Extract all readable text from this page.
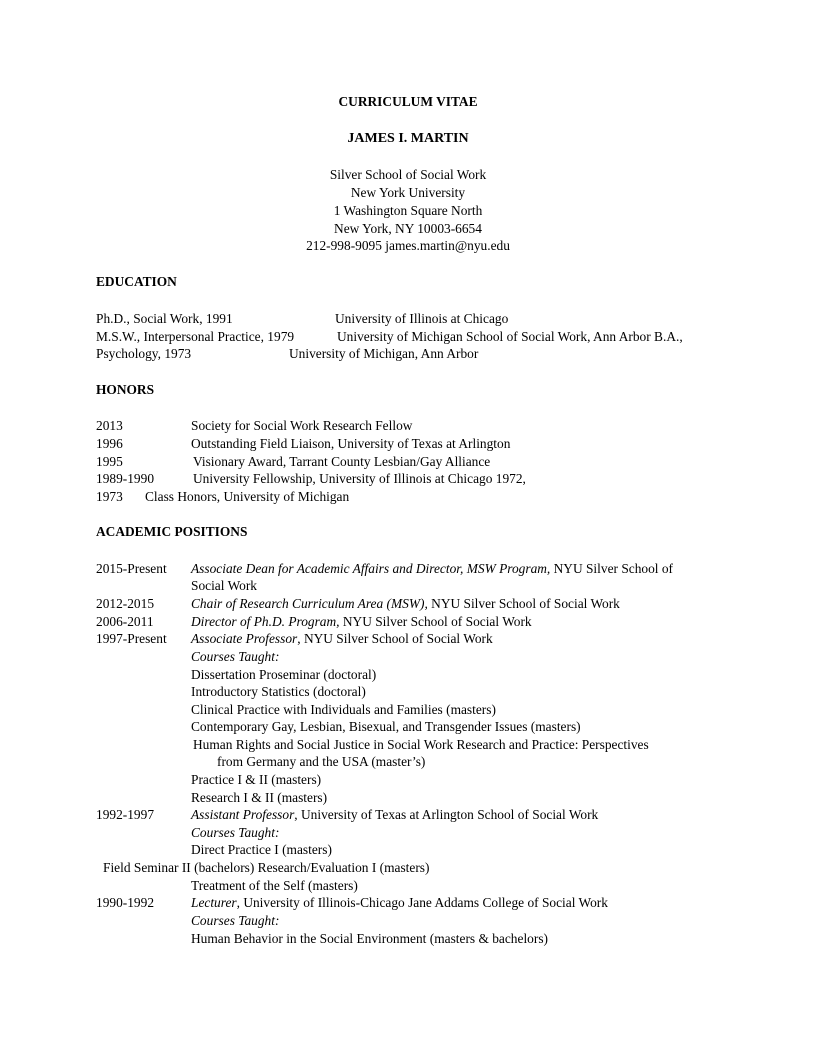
CURRICULUM VITAE
JAMES I. MARTIN
Silver School of Social Work
New York University
1 Washington Square North
New York, NY 10003-6654
212-998-9095 james.martin@nyu.edu
EDUCATION
Ph.D., Social Work, 1991	University of Illinois at Chicago
M.S.W., Interpersonal Practice, 1979	University of Michigan School of Social Work, Ann Arbor B.A.,
Psychology, 1973	University of Michigan, Ann Arbor
HONORS
2013	Society for Social Work Research Fellow
1996	Outstanding Field Liaison, University of Texas at Arlington
1995	Visionary Award, Tarrant County Lesbian/Gay Alliance
1989-1990	University Fellowship, University of Illinois at Chicago 1972,
1973 Class Honors, University of Michigan
ACADEMIC POSITIONS
2015-Present Associate Dean for Academic Affairs and Director, MSW Program, NYU Silver School of
Social Work
2012-2015	Chair of Research Curriculum Area (MSW), NYU Silver School of Social Work
2006-2011	Director of Ph.D. Program, NYU Silver School of Social Work
1997-Present Associate Professor, NYU Silver School of Social Work
Courses Taught:
Dissertation Proseminar (doctoral)
Introductory Statistics (doctoral)
Clinical Practice with Individuals and Families (masters)
Contemporary Gay, Lesbian, Bisexual, and Transgender Issues (masters)
Human Rights and Social Justice in Social Work Research and Practice: Perspectives
from Germany and the USA (master’s)
Practice I & II (masters)
Research I & II (masters)
1992-1997	Assistant Professor, University of Texas at Arlington School of Social Work
Courses Taught:
Direct Practice I (masters)
Field Seminar II (bachelors) Research/Evaluation I (masters)
Treatment of the Self (masters)
1990-1992	Lecturer, University of Illinois-Chicago Jane Addams College of Social Work
Courses Taught:
Human Behavior in the Social Environment (masters & bachelors)
